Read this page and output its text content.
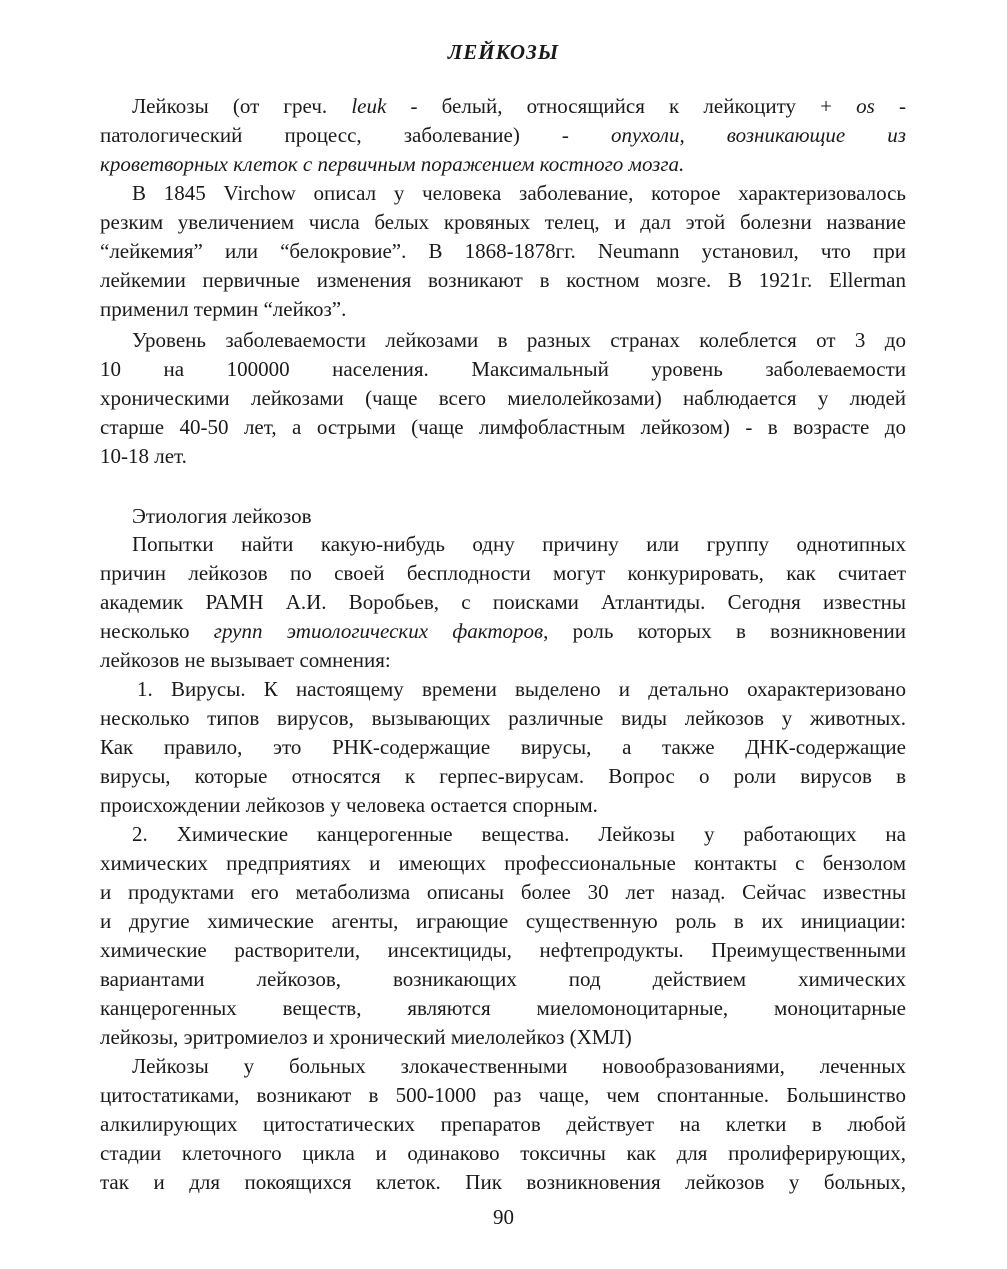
ЛЕЙКОЗЫ
Лейкозы (от греч. leuk - белый, относящийся к лейкоциту + os -
патологический процесс, заболевание) - опухоли, возникающие из
кроветворных клеток с первичным поражением костного мозга.
В 1845 Virchow описал у человека заболевание, которое характеризовалось
резким увеличением числа белых кровяных телец, и дал этой болезни название
“лейкемия” или “белокровие”. В 1868-1878гг. Neumann установил, что при
лейкемии первичные изменения возникают в костном мозге. В 1921г. Ellerman
применил термин “лейкоз”.
Уровень заболеваемости лейкозами в разных странах колеблется от 3 до
10 на 100000 населения. Максимальный уровень заболеваемости
хроническими лейкозами (чаще всего миелолейкозами) наблюдается у людей
старше 40-50 лет, а острыми (чаще лимфобластным лейкозом) - в возрасте до
10-18 лет.
Этиология лейкозов
Попытки найти какую-нибудь одну причину или группу однотипных
причин лейкозов по своей бесплодности могут конкурировать, как считает
академик РАМН А.И. Воробьев, с поисками Атлантиды. Сегодня известны
несколько групп этиологических факторов, роль которых в возникновении
лейкозов не вызывает сомнения:
1. Вирусы. К настоящему времени выделено и детально охарактеризовано
несколько типов вирусов, вызывающих различные виды лейкозов у животных.
Как правило, это РНК-содержащие вирусы, а также ДНК-содержащие
вирусы, которые относятся к герпес-вирусам. Вопрос о роли вирусов в
происхождении лейкозов у человека остается спорным.
2. Химические канцерогенные вещества. Лейкозы у работающих на
химических предприятиях и имеющих профессиональные контакты с бензолом
и продуктами его метаболизма описаны более 30 лет назад. Сейчас известны
и другие химические агенты, играющие существенную роль в их инициации:
химические растворители, инсектициды, нефтепродукты. Преимущественными
вариантами лейкозов, возникающих под действием химических
канцерогенных веществ, являются миеломоноцитарные, моноцитарные
лейкозы, эритромиелоз и хронический миелолейкоз (ХМЛ)
Лейкозы у больных злокачественными новообразованиями, леченных
цитостатиками, возникают в 500-1000 раз чаще, чем спонтанные. Большинство
алкилирующих цитостатических препаратов действует на клетки в любой
стадии клеточного цикла и одинаково токсичны как для пролиферирующих,
так и для покоящихся клеток. Пик возникновения лейкозов у больных,
90
